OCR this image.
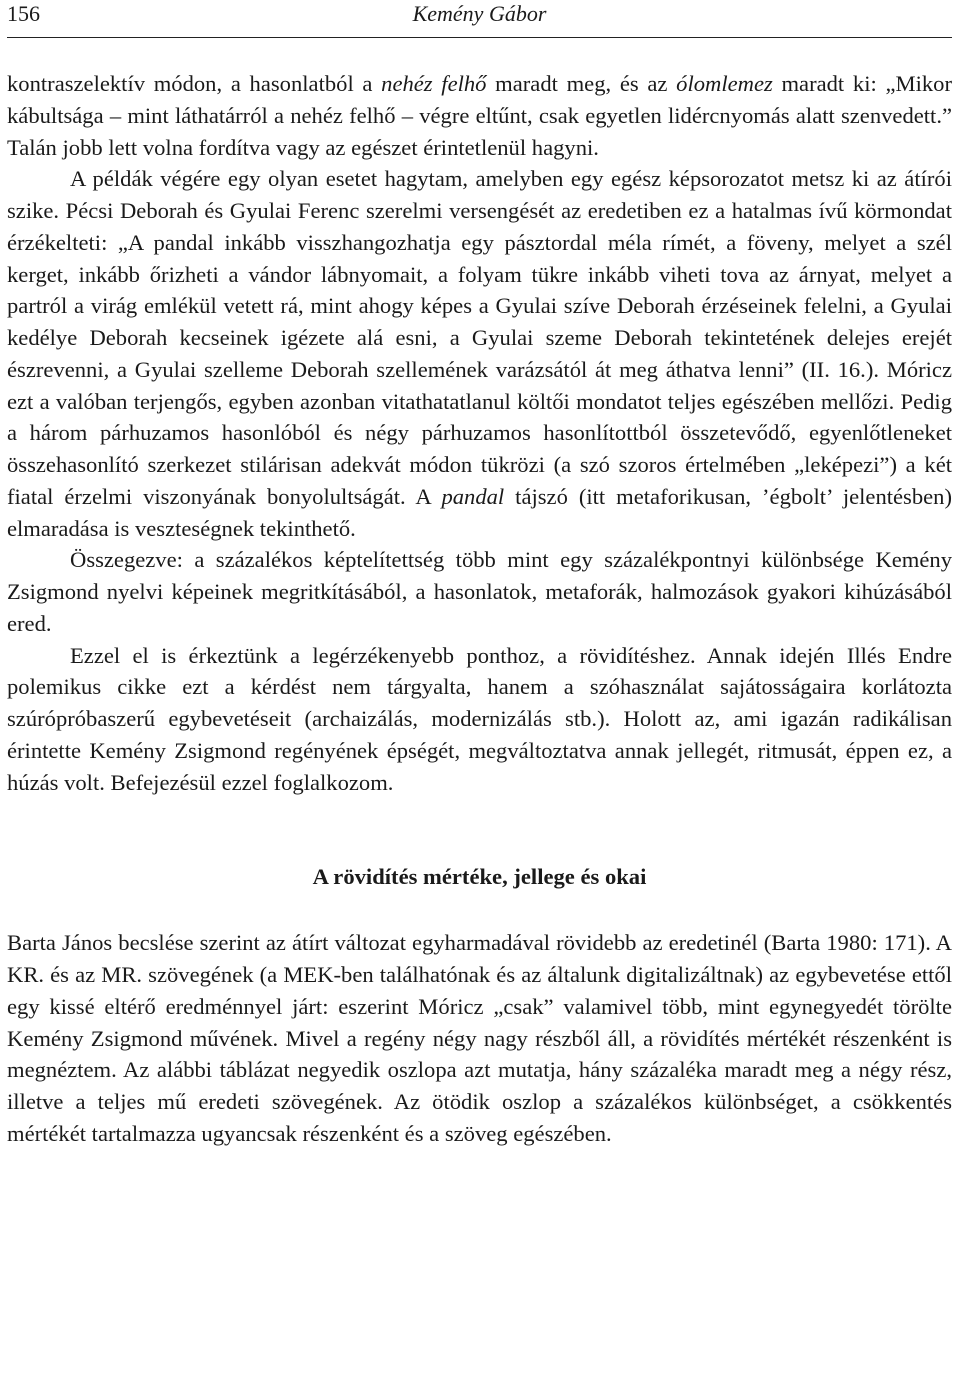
156	Kemény Gábor

kontraszelektív módon, a hasonlatból a nehéz felhő maradt meg, és az ólomlemez maradt ki: „Mikor kábultsága – mint láthatárról a nehéz felhő – végre eltűnt, csak egyetlen lidércnyomás alatt szenvedett.” Talán jobb lett volna fordítva vagy az egészet érintetlenül hagyni.

A példák végére egy olyan esetet hagytam, amelyben egy egész képsorozatot metsz ki az átírói szike. Pécsi Deborah és Gyulai Ferenc szerelmi versengését az eredetiben ez a hatalmas ívű körmondat érzékelteti: „A pandal inkább visszhangozhatja egy pásztordal méla rímét, a föveny, melyet a szél kerget, inkább őrizheti a vándor lábnyomait, a folyam tükre inkább viheti tova az árnyat, melyet a partról a virág emlékül vetett rá, mint ahogy képes a Gyulai szíve Deborah érzéseinek felelni, a Gyulai kedélye Deborah kecseinek igézete alá esni, a Gyulai szeme Deborah tekintetének delejes erejét észrevenni, a Gyulai szelleme Deborah szellemének varázsától át meg áthatva lenni” (II. 16.). Móricz ezt a valóban terjengős, egyben azonban vitathatatlanul költői mondatot teljes egészében mellőzi. Pedig a három párhuzamos hasonlóból és négy párhuzamos hasonlítottból összetevődő, egyenlőtleneket összehasonlító szerkezet stilárisan adekvát módon tükrözi (a szó szoros értelmében „leképezi”) a két fiatal érzelmi viszonyának bonyolultságát. A pandal tájszó (itt metaforikusan, ’égbolt’ jelentésben) elmaradása is veszteségnek tekinthető.

Összegezve: a százalékos képtelítettség több mint egy százalékpontnyi különbsége Kemény Zsigmond nyelvi képeinek megritkításából, a hasonlatok, metaforák, halmozások gyakori kihúzásából ered.

Ezzel el is érkeztünk a legérzékenyebb ponthoz, a rövidítéshez. Annak idején Illés Endre polemikus cikke ezt a kérdést nem tárgyalta, hanem a szóhasználat sajátosságaira korlátozta szúrópróbaszerű egybevetéseit (archaizálás, modernizálás stb.). Holott az, ami igazán radikálisan érintette Kemény Zsigmond regényének épségét, megváltoztatva annak jellegét, ritmusát, éppen ez, a húzás volt. Befejezésül ezzel foglalkozom.

A rövidítés mértéke, jellege és okai

Barta János becslése szerint az átírt változat egyharmadával rövidebb az eredetinél (Barta 1980: 171). A KR. és az MR. szövegének (a MEK-ben találhatónak és az általunk digitalizáltnak) az egybevetése ettől egy kissé eltérő eredménnyel járt: eszerint Móricz „csak” valamivel több, mint egynegyedét törölte Kemény Zsigmond művének. Mivel a regény négy nagy részből áll, a rövidítés mértékét részenként is megnéztem. Az alábbi táblázat negyedik oszlopa azt mutatja, hány százaléka maradt meg a négy rész, illetve a teljes mű eredeti szövegének. Az ötödik oszlop a százalékos különbséget, a csökkentés mértékét tartalmazza ugyancsak részenként és a szöveg egészében.
